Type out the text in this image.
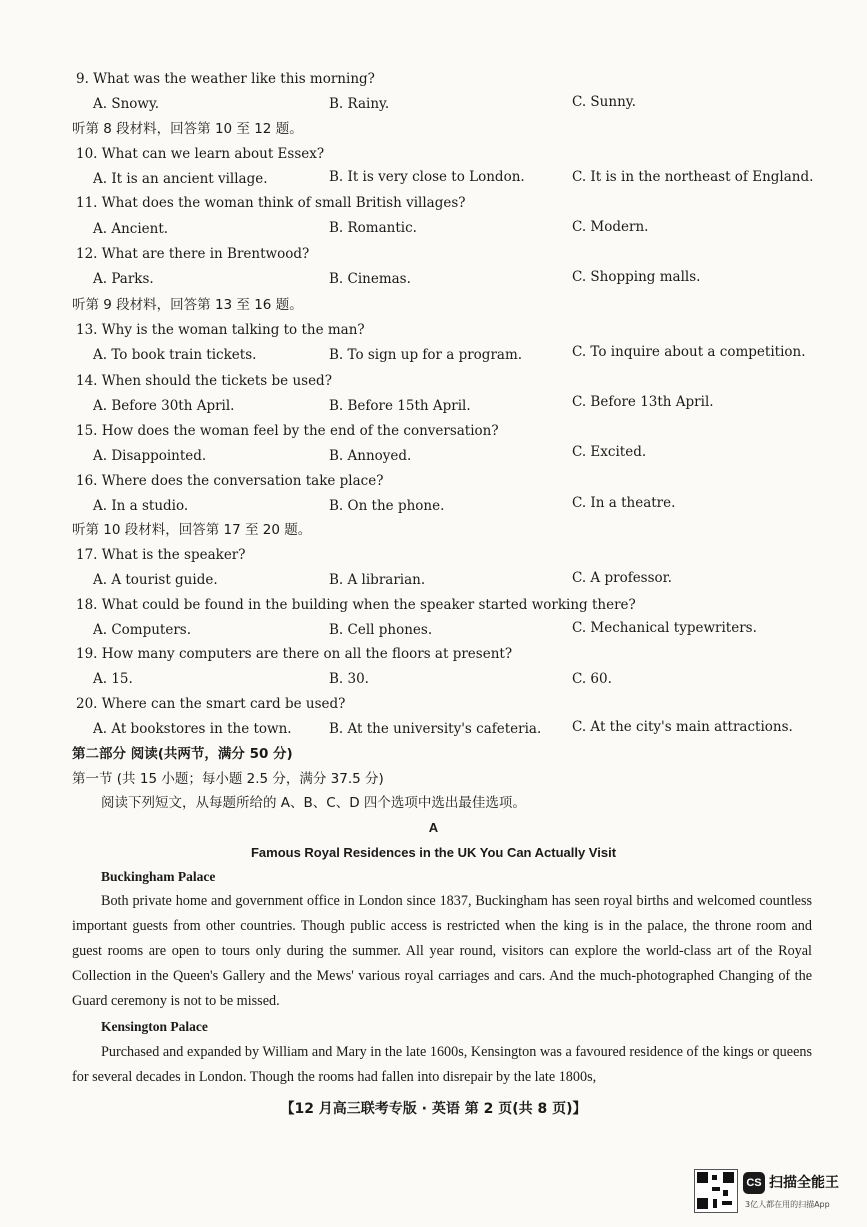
9. What was the weather like this morning?
A. Snowy.	B. Rainy.	C. Sunny.
听第 8 段材料，回答第 10 至 12 题。
10. What can we learn about Essex?
A. It is an ancient village.	B. It is very close to London.	C. It is in the northeast of England.
11. What does the woman think of small British villages?
A. Ancient.	B. Romantic.	C. Modern.
12. What are there in Brentwood?
A. Parks.	B. Cinemas.	C. Shopping malls.
听第 9 段材料，回答第 13 至 16 题。
13. Why is the woman talking to the man?
A. To book train tickets.	B. To sign up for a program.	C. To inquire about a competition.
14. When should the tickets be used?
A. Before 30th April.	B. Before 15th April.	C. Before 13th April.
15. How does the woman feel by the end of the conversation?
A. Disappointed.	B. Annoyed.	C. Excited.
16. Where does the conversation take place?
A. In a studio.	B. On the phone.	C. In a theatre.
听第 10 段材料，回答第 17 至 20 题。
17. What is the speaker?
A. A tourist guide.	B. A librarian.	C. A professor.
18. What could be found in the building when the speaker started working there?
A. Computers.	B. Cell phones.	C. Mechanical typewriters.
19. How many computers are there on all the floors at present?
A. 15.	B. 30.	C. 60.
20. Where can the smart card be used?
A. At bookstores in the town.	B. At the university's cafeteria. C. At the city's main attractions.
第二部分 阅读(共两节，满分 50 分)
第一节 (共 15 小题；每小题 2.5 分，满分 37.5 分)
阅读下列短文，从每题所给的 A、B、C、D 四个选项中选出最佳选项。
A
Famous Royal Residences in the UK You Can Actually Visit
Buckingham Palace
Both private home and government office in London since 1837, Buckingham has seen royal births and welcomed countless important guests from other countries. Though public access is restricted when the king is in the palace, the throne room and guest rooms are open to tours only during the summer. All year round, visitors can explore the world-class art of the Royal Collection in the Queen's Gallery and the Mews' various royal carriages and cars. And the much-photographed Changing of the Guard ceremony is not to be missed.
Kensington Palace
Purchased and expanded by William and Mary in the late 1600s, Kensington was a favoured residence of the kings or queens for several decades in London. Though the rooms had fallen into disrepair by the late 1800s,
【12 月高三联考专版 · 英语 第 2 页(共 8 页)】
CS 扫描全能王
3亿人都在用的扫描App
